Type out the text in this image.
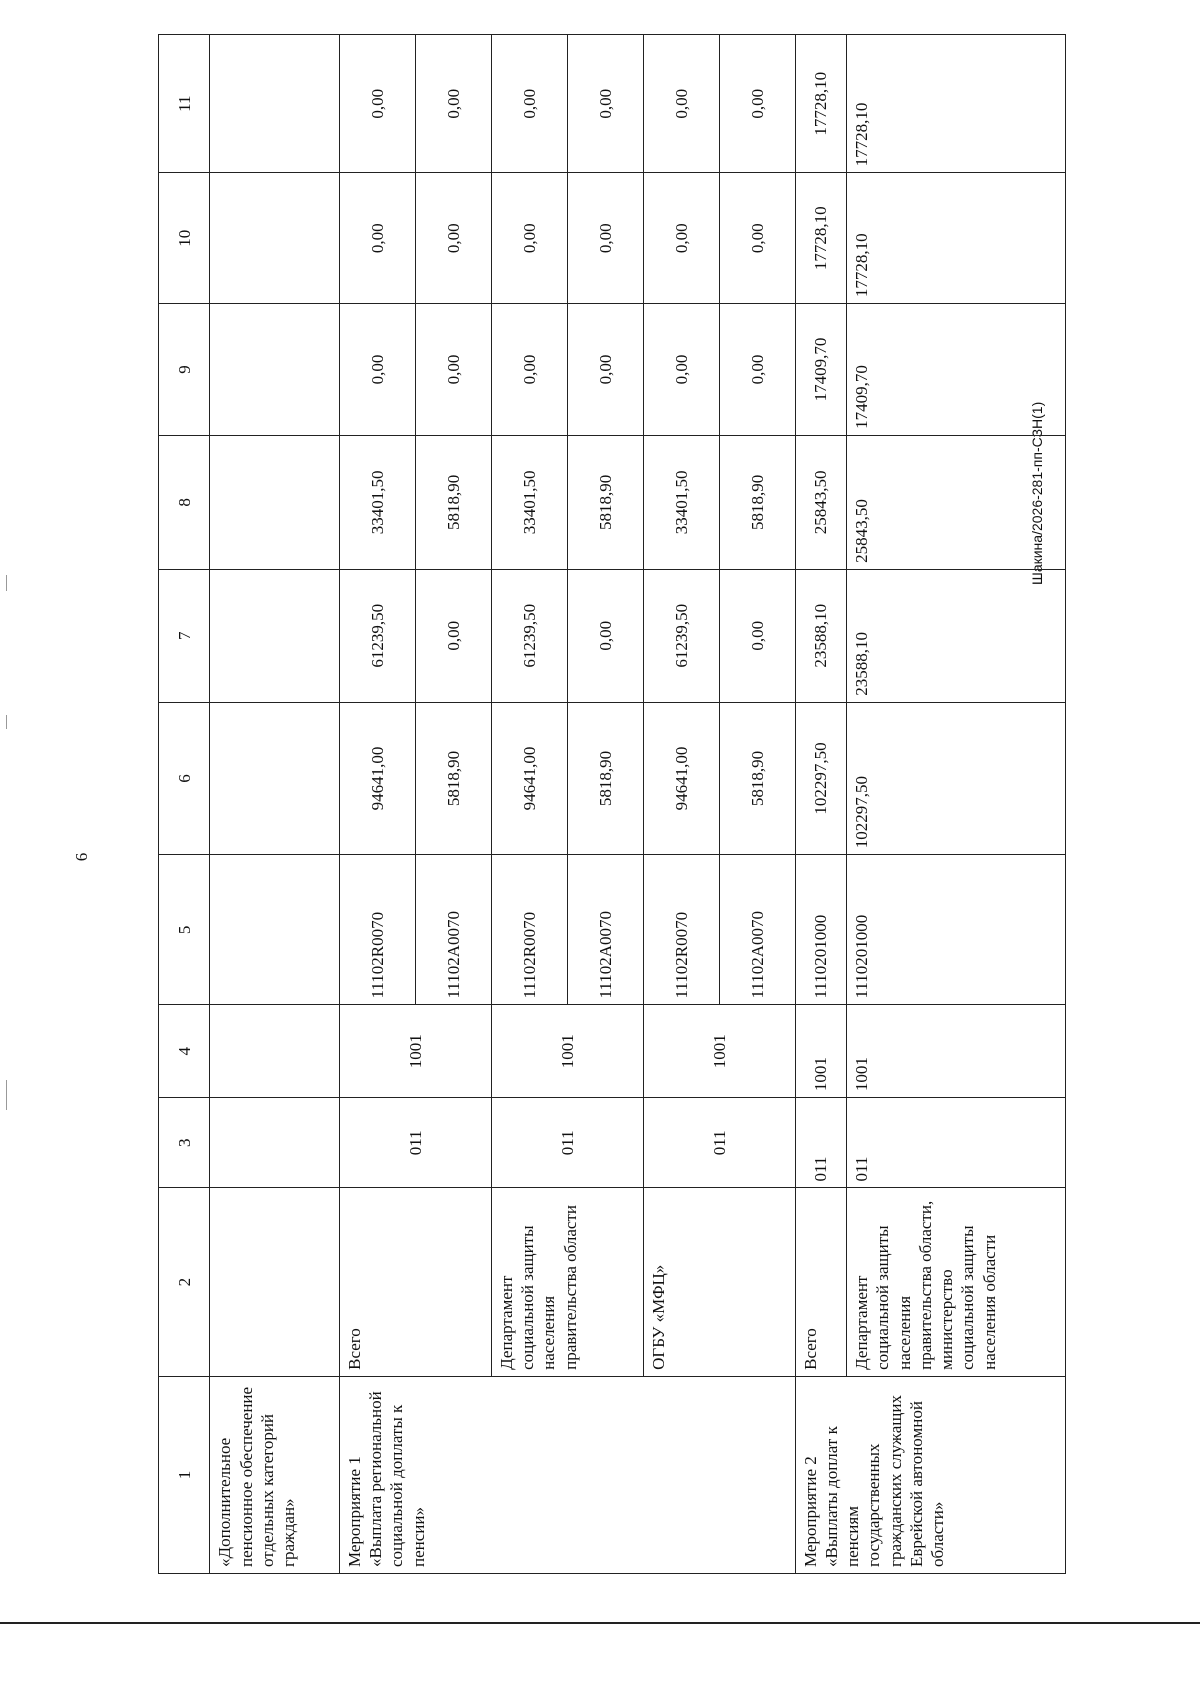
6
Шакина/2026-281-пп-СЗН(1)
1	2	3	4	5	6	7	8	9	10	11
«Дополнительное пенсионное обеспечение отдельных категорий граждан»										
Мероприятие 1 «Выплата региональной социальной доплаты к пенсии»	Всего	011	1001	11102R0070	94641,00	61239,50	33401,50	0,00	0,00	0,00
				11102А0070	5818,90	0,00	5818,90	0,00	0,00	0,00
	Департамент социальной защиты населения правительства области	011	1001	11102R0070	94641,00	61239,50	33401,50	0,00	0,00	0,00
				11102А0070	5818,90	0,00	5818,90	0,00	0,00	0,00
	ОГБУ «МФЦ»	011	1001	11102R0070	94641,00	61239,50	33401,50	0,00	0,00	0,00
				11102А0070	5818,90	0,00	5818,90	0,00	0,00	0,00
Мероприятие 2 «Выплаты доплат к пенсиям государственных гражданских служащих Еврейской автономной области»	Всего	011	1001	1110201000	102297,50	23588,10	25843,50	17409,70	17728,10	17728,10
	Департамент социальной защиты населения правительства области, министерство социальной защиты населения области	011	1001	1110201000	102297,50	23588,10	25843,50	17409,70	17728,10	17728,10
